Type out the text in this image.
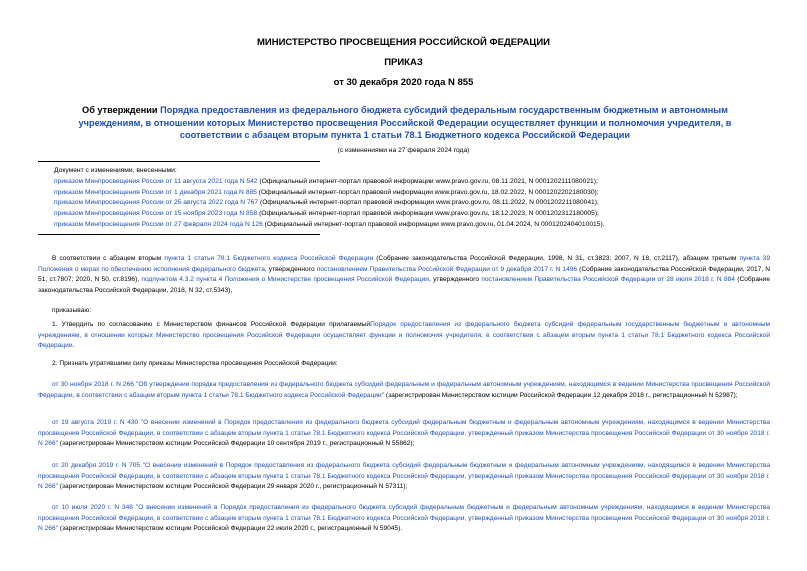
МИНИСТЕРСТВО ПРОСВЕЩЕНИЯ РОССИЙСКОЙ ФЕДЕРАЦИИ
ПРИКАЗ
от 30 декабря 2020 года N 855
Об утверждении Порядка предоставления из федерального бюджета субсидий федеральным государственным бюджетным и автономным учреждениям, в отношении которых Министерство просвещения Российской Федерации осуществляет функции и полномочия учредителя, в соответствии с абзацем вторым пункта 1 статьи 78.1 Бюджетного кодекса Российской Федерации
(с изменениями на 27 февраля 2024 года)
Документ с изменениями, внесенными:
приказом Минпросвещения России от 11 августа 2021 года N 542 (Официальный интернет-портал правовой информации www.pravo.gov.ru, 08.11.2021, N 0001202111080021);
приказом Минпросвещения России от 1 декабря 2021 года N 885 (Официальный интернет-портал правовой информации www.pravo.gov.ru, 18.02.2022, N 0001202202180030);
приказом Минпросвещения России от 25 августа 2022 года N 767 (Официальный интернет-портал правовой информации www.pravo.gov.ru, 08.11.2022, N 0001202211080041);
приказом Минпросвещения России от 15 ноября 2023 года N 858 (Официальный интернет-портал правовой информации www.pravo.gov.ru, 18.12.2023, N 0001202312180005);
приказом Минпросвещения России от 27 февраля 2024 года N 126 (Официальный интернет-портал правовой информации www.pravo.gov.ru, 01.04.2024, N 0001202404010015).
В соответствии с абзацем вторым пункта 1 статьи 78.1 Бюджетного кодекса Российской Федерации (Собрание законодательства Российской Федерации, 1998, N 31, ст.3823; 2007, N 18, ст.2117), абзацем третьим пункта 39 Положения о мерах по обеспечению исполнения федерального бюджета, утвержденного постановлением Правительства Российской Федерации от 9 декабря 2017 г. N 1496 (Собрание законодательства Российской Федерации, 2017, N 51, ст.7807; 2020, N 50, ст.8196), подпунктом 4.3.2 пункта 4 Положения о Министерстве просвещения Российской Федерации, утвержденного постановлением Правительства Российской Федерации от 28 июля 2018 г. N 884 (Собрание законодательства Российской Федерации, 2018, N 32, ст.5343),
приказываю:
1. Утвердить по согласованию с Министерством финансов Российской Федерации прилагаемыйПорядок предоставления из федерального бюджета субсидий федеральным государственным бюджетным и автономным учреждениям, в отношении которых Министерство просвещения Российской Федерации осуществляет функции и полномочия учредителя, в соответствии с абзацем вторым пункта 1 статьи 78.1 Бюджетного кодекса Российской Федерации.
2. Признать утратившими силу приказы Министерства просвещения Российской Федерации:
от 30 ноября 2018 г. N 266 "Об утверждении порядка предоставления из федерального бюджета субсидий федеральным и федеральным автономным учреждениям, находящимся в ведении Министерства просвещения Российской Федерации, в соответствии с абзацем вторым пункта 1 статьи 78.1 Бюджетного кодекса Российской Федерации" (зарегистрирован Министерством юстиции Российской Федерации 12 декабря 2018 г., регистрационный N 52987);
от 19 августа 2019 г. N 430 "О внесении изменений в Порядок предоставления из федерального бюджета субсидий федеральным бюджетным и федеральным автономным учреждениям, находящимся в ведении Министерства просвещения Российской Федерации, в соответствии с абзацем вторым пункта 1 статьи 78.1 Бюджетного кодекса Российской Федерации, утвержденный приказом Министерства просвещения Российской Федерации от 30 ноября 2018 г. N 266" (зарегистрирован Министерством юстиции Российской Федерации 10 сентября 2019 г., регистрационный N 55862);
от 20 декабря 2019 г. N 705 "О внесении изменений в Порядок предоставления из федерального бюджета субсидий федеральным бюджетным и федеральным автономным учреждениям, находящимся в ведении Министерства просвещения Российской Федерации, в соответствии с абзацем вторым пункта 1 статьи 78.1 Бюджетного кодекса Российской Федерации, утвержденный приказом Министерства просвещения Российской Федерации от 30 ноября 2018 г. N 266" (зарегистрирован Министерством юстиции Российской Федерации 29 января 2020 г., регистрационный N 57311);
от 10 июля 2020 г. N 348 "О внесении изменений в Порядок предоставления из федерального бюджета субсидий федеральным бюджетным и федеральным автономным учреждениям, находящимся в ведении Министерства просвещения Российской Федерации, в соответствии с абзацем вторым пункта 1 статьи 78.1 Бюджетного кодекса Российской Федерации, утвержденный приказом Министерства просвещения Российской Федерации от 30 ноября 2018 г. N 266" (зарегистрирован Министерством юстиции Российской Федерации 22 июля 2020 г., регистрационный N 59045).
